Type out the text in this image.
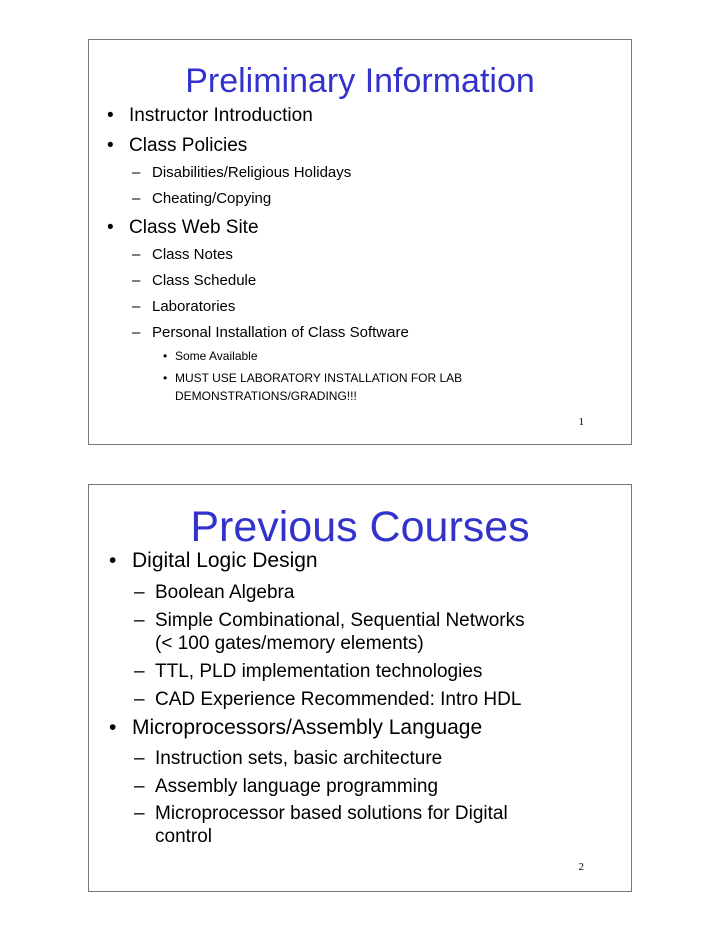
Preliminary Information
• Instructor Introduction
• Class Policies
– Disabilities/Religious Holidays
– Cheating/Copying
• Class Web Site
– Class Notes
– Class Schedule
– Laboratories
– Personal Installation of Class Software
• Some Available
• MUST USE LABORATORY INSTALLATION FOR LAB
DEMONSTRATIONS/GRADING!!!
1
Previous Courses
• Digital Logic Design
– Boolean Algebra
– Simple Combinational, Sequential Networks
(< 100 gates/memory elements)
– TTL, PLD implementation technologies
– CAD Experience Recommended: Intro HDL
• Microprocessors/Assembly Language
– Instruction sets, basic architecture
– Assembly language programming
– Microprocessor based solutions for Digital
control
2
